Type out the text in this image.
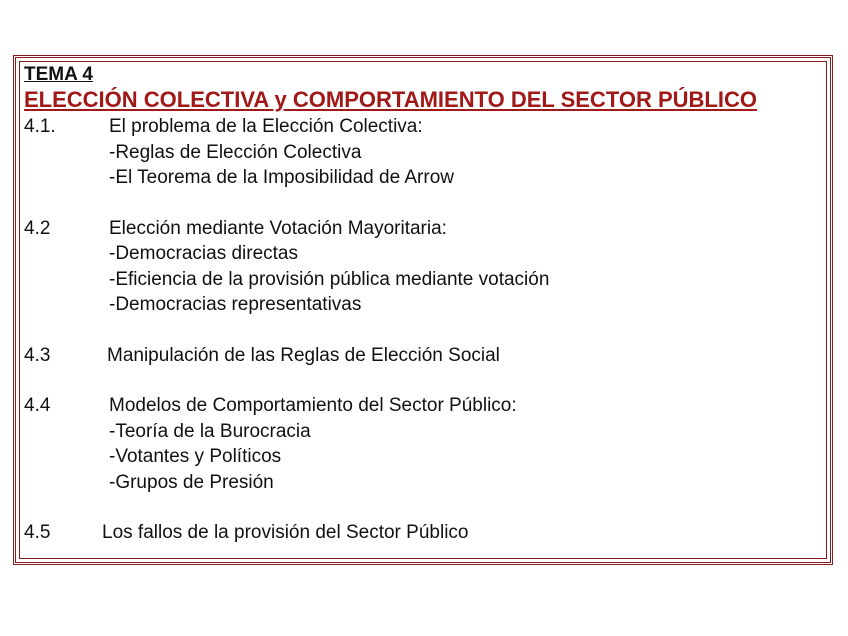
TEMA 4

ELECCIÓN COLECTIVA y COMPORTAMIENTO DEL SECTOR PÚBLICO

4.1.	El problema de la Elección Colectiva:
-Reglas de Elección Colectiva
-El Teorema de la Imposibilidad de Arrow
4.2	Elección mediante Votación Mayoritaria:
-Democracias directas
-Eficiencia de la provisión pública mediante votación
-Democracias representativas
4.3	Manipulación de las Reglas de Elección Social
4.4	Modelos de Comportamiento del Sector Público:
-Teoría de la Burocracia
-Votantes y Políticos
-Grupos de Presión
4.5	Los fallos de la provisión del Sector Público
